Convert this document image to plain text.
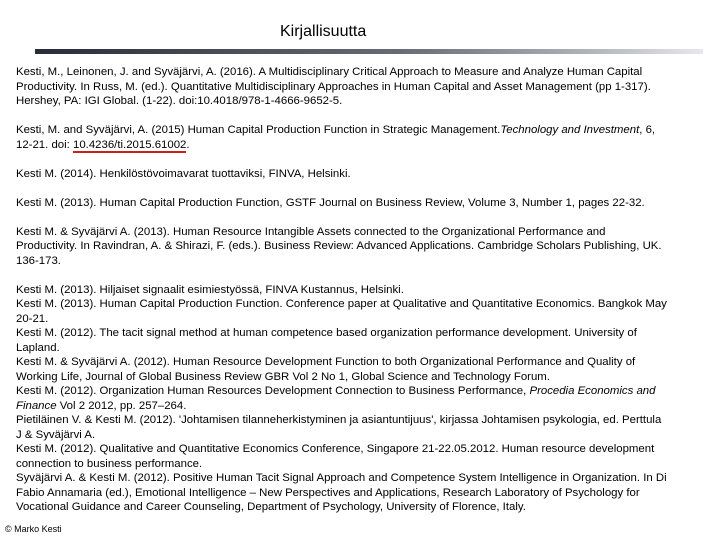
Kirjallisuutta
Kesti, M., Leinonen, J. and Syväjärvi, A. (2016). A Multidisciplinary Critical Approach to Measure and Analyze Human Capital
Productivity. In Russ, M. (ed.). Quantitative Multidisciplinary Approaches in Human Capital and Asset Management (pp 1-317).
Hershey, PA: IGI Global. (1-22). doi:10.4018/978-1-4666-9652-5.
Kesti, M. and Syväjärvi, A. (2015) Human Capital Production Function in Strategic Management.Technology and Investment, 6,
12-21. doi: 10.4236/ti.2015.61002.
Kesti M. (2014). Henkilöstövoimavarat tuottaviksi, FINVA, Helsinki.
Kesti M. (2013). Human Capital Production Function, GSTF Journal on Business Review, Volume 3, Number 1, pages 22-32.
Kesti M. & Syväjärvi A. (2013). Human Resource Intangible Assets connected to the Organizational Performance and
Productivity. In Ravindran, A. & Shirazi, F. (eds.). Business Review: Advanced Applications. Cambridge Scholars Publishing, UK.
136-173.
Kesti M. (2013). Hiljaiset signaalit esimiestyössä, FINVA Kustannus, Helsinki.
Kesti M. (2013). Human Capital Production Function. Conference paper at Qualitative and Quantitative Economics. Bangkok May
20-21.
Kesti M. (2012). The tacit signal method at human competence based organization performance development. University of
Lapland.
Kesti M. & Syväjärvi A. (2012). Human Resource Development Function to both Organizational Performance and Quality of
Working Life, Journal of Global Business Review GBR Vol 2 No 1, Global Science and Technology Forum.
Kesti M. (2012). Organization Human Resources Development Connection to Business Performance, Procedia Economics and
Finance Vol 2 2012, pp. 257–264.
Pietiläinen V. & Kesti M. (2012). 'Johtamisen tilanneherkistyminen ja asiantuntijuus', kirjassa Johtamisen psykologia, ed. Perttula
J & Syväjärvi A.
Kesti M. (2012). Qualitative and Quantitative Economics Conference, Singapore 21-22.05.2012. Human resource development
connection to business performance.
Syväjärvi A. & Kesti M. (2012). Positive Human Tacit Signal Approach and Competence System Intelligence in Organization. In Di
Fabio Annamaria (ed.), Emotional Intelligence – New Perspectives and Applications, Research Laboratory of Psychology for
Vocational Guidance and Career Counseling, Department of Psychology, University of Florence, Italy.
© Marko Kesti
